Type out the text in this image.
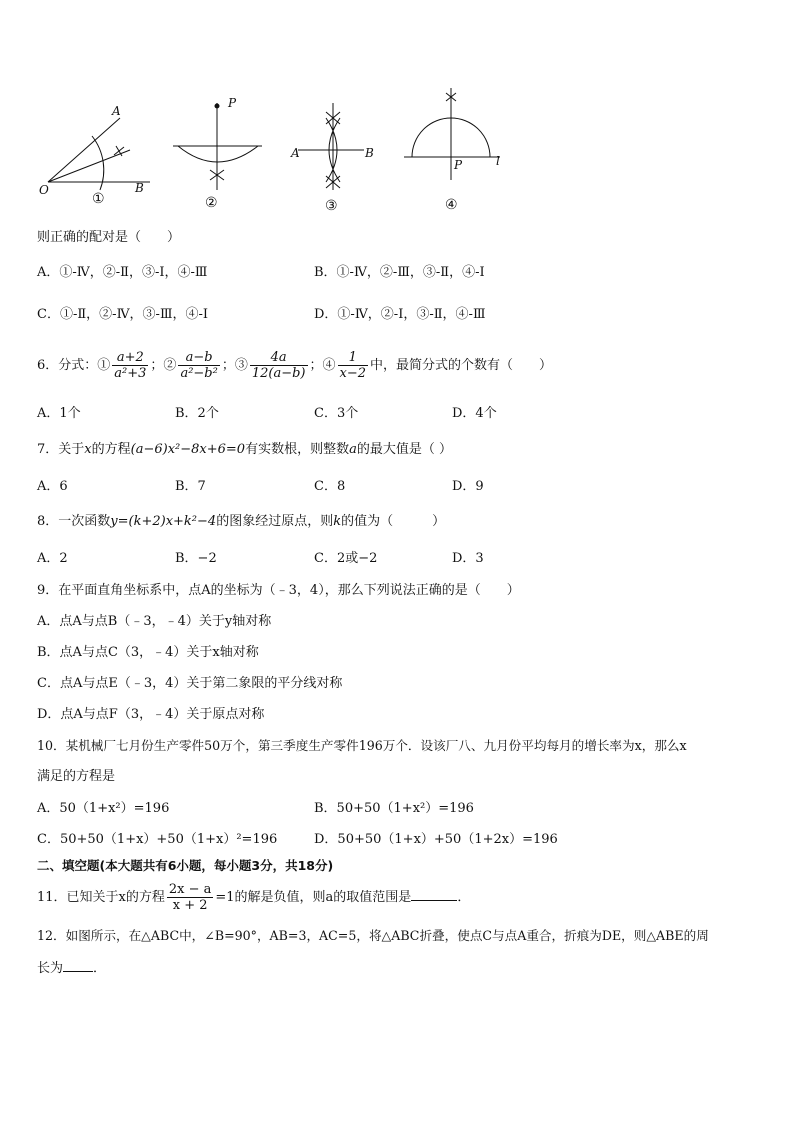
A
O	B
①
P
②
A	B
③
P	l
④
则正确的配对是（　　）
A．①-Ⅳ，②-Ⅱ，③-Ⅰ，④-Ⅲ	B．①-Ⅳ，②-Ⅲ，③-Ⅱ，④-Ⅰ
C．①-Ⅱ，②-Ⅳ，③-Ⅲ，④-Ⅰ	D．①-Ⅳ，②-Ⅰ，③-Ⅱ，④-Ⅲ
6．分式：① $\frac{a+2}{\text{a²+3}}$ ；② $\frac{a-b}{\text{a²−b²}}$ ；③ $\frac{4a}{12(a-b)}$ ；④ $\frac{1}{x-2}$ 中，最简分式的个数有（　　）
A．1个	B．2个	C．3个	D．4个
7．关于x的方程(a−6)x²−8x+6=0有实数根，则整数a的最大值是（ ）
A．6	B．7	C．8	D．9
8．一次函数y=(k+2)x+k²−4的图象经过原点，则k的值为（　　　）
A．2	B．−2	C．2或−2	D．3
9．在平面直角坐标系中，点A的坐标为（﹣3，4），那么下列说法正确的是（　　）
A．点A与点B（﹣3，﹣4）关于y轴对称
B．点A与点C（3，﹣4）关于x轴对称
C．点A与点E（﹣3，4）关于第二象限的平分线对称
D．点A与点F（3，﹣4）关于原点对称
10．某机械厂七月份生产零件50万个，第三季度生产零件196万个．设该厂八、九月份平均每月的增长率为x，那么x
满足的方程是
A．50（1+x²）=196	B．50+50（1+x²）=196
C．50+50（1+x）+50（1+x）²=196	D．50+50（1+x）+50（1+2x）=196
二、填空题(本大题共有6小题，每小题3分，共18分)
11．已知关于x的方程 $\frac{2x - a}{x + 2} =1$的解是负值，则a的取值范围是	．
12．如图所示，在△ABC中，∠B=90°，AB=3，AC=5，将△ABC折叠，使点C与点A重合，折痕为DE，则△ABE的周
长为 ．
